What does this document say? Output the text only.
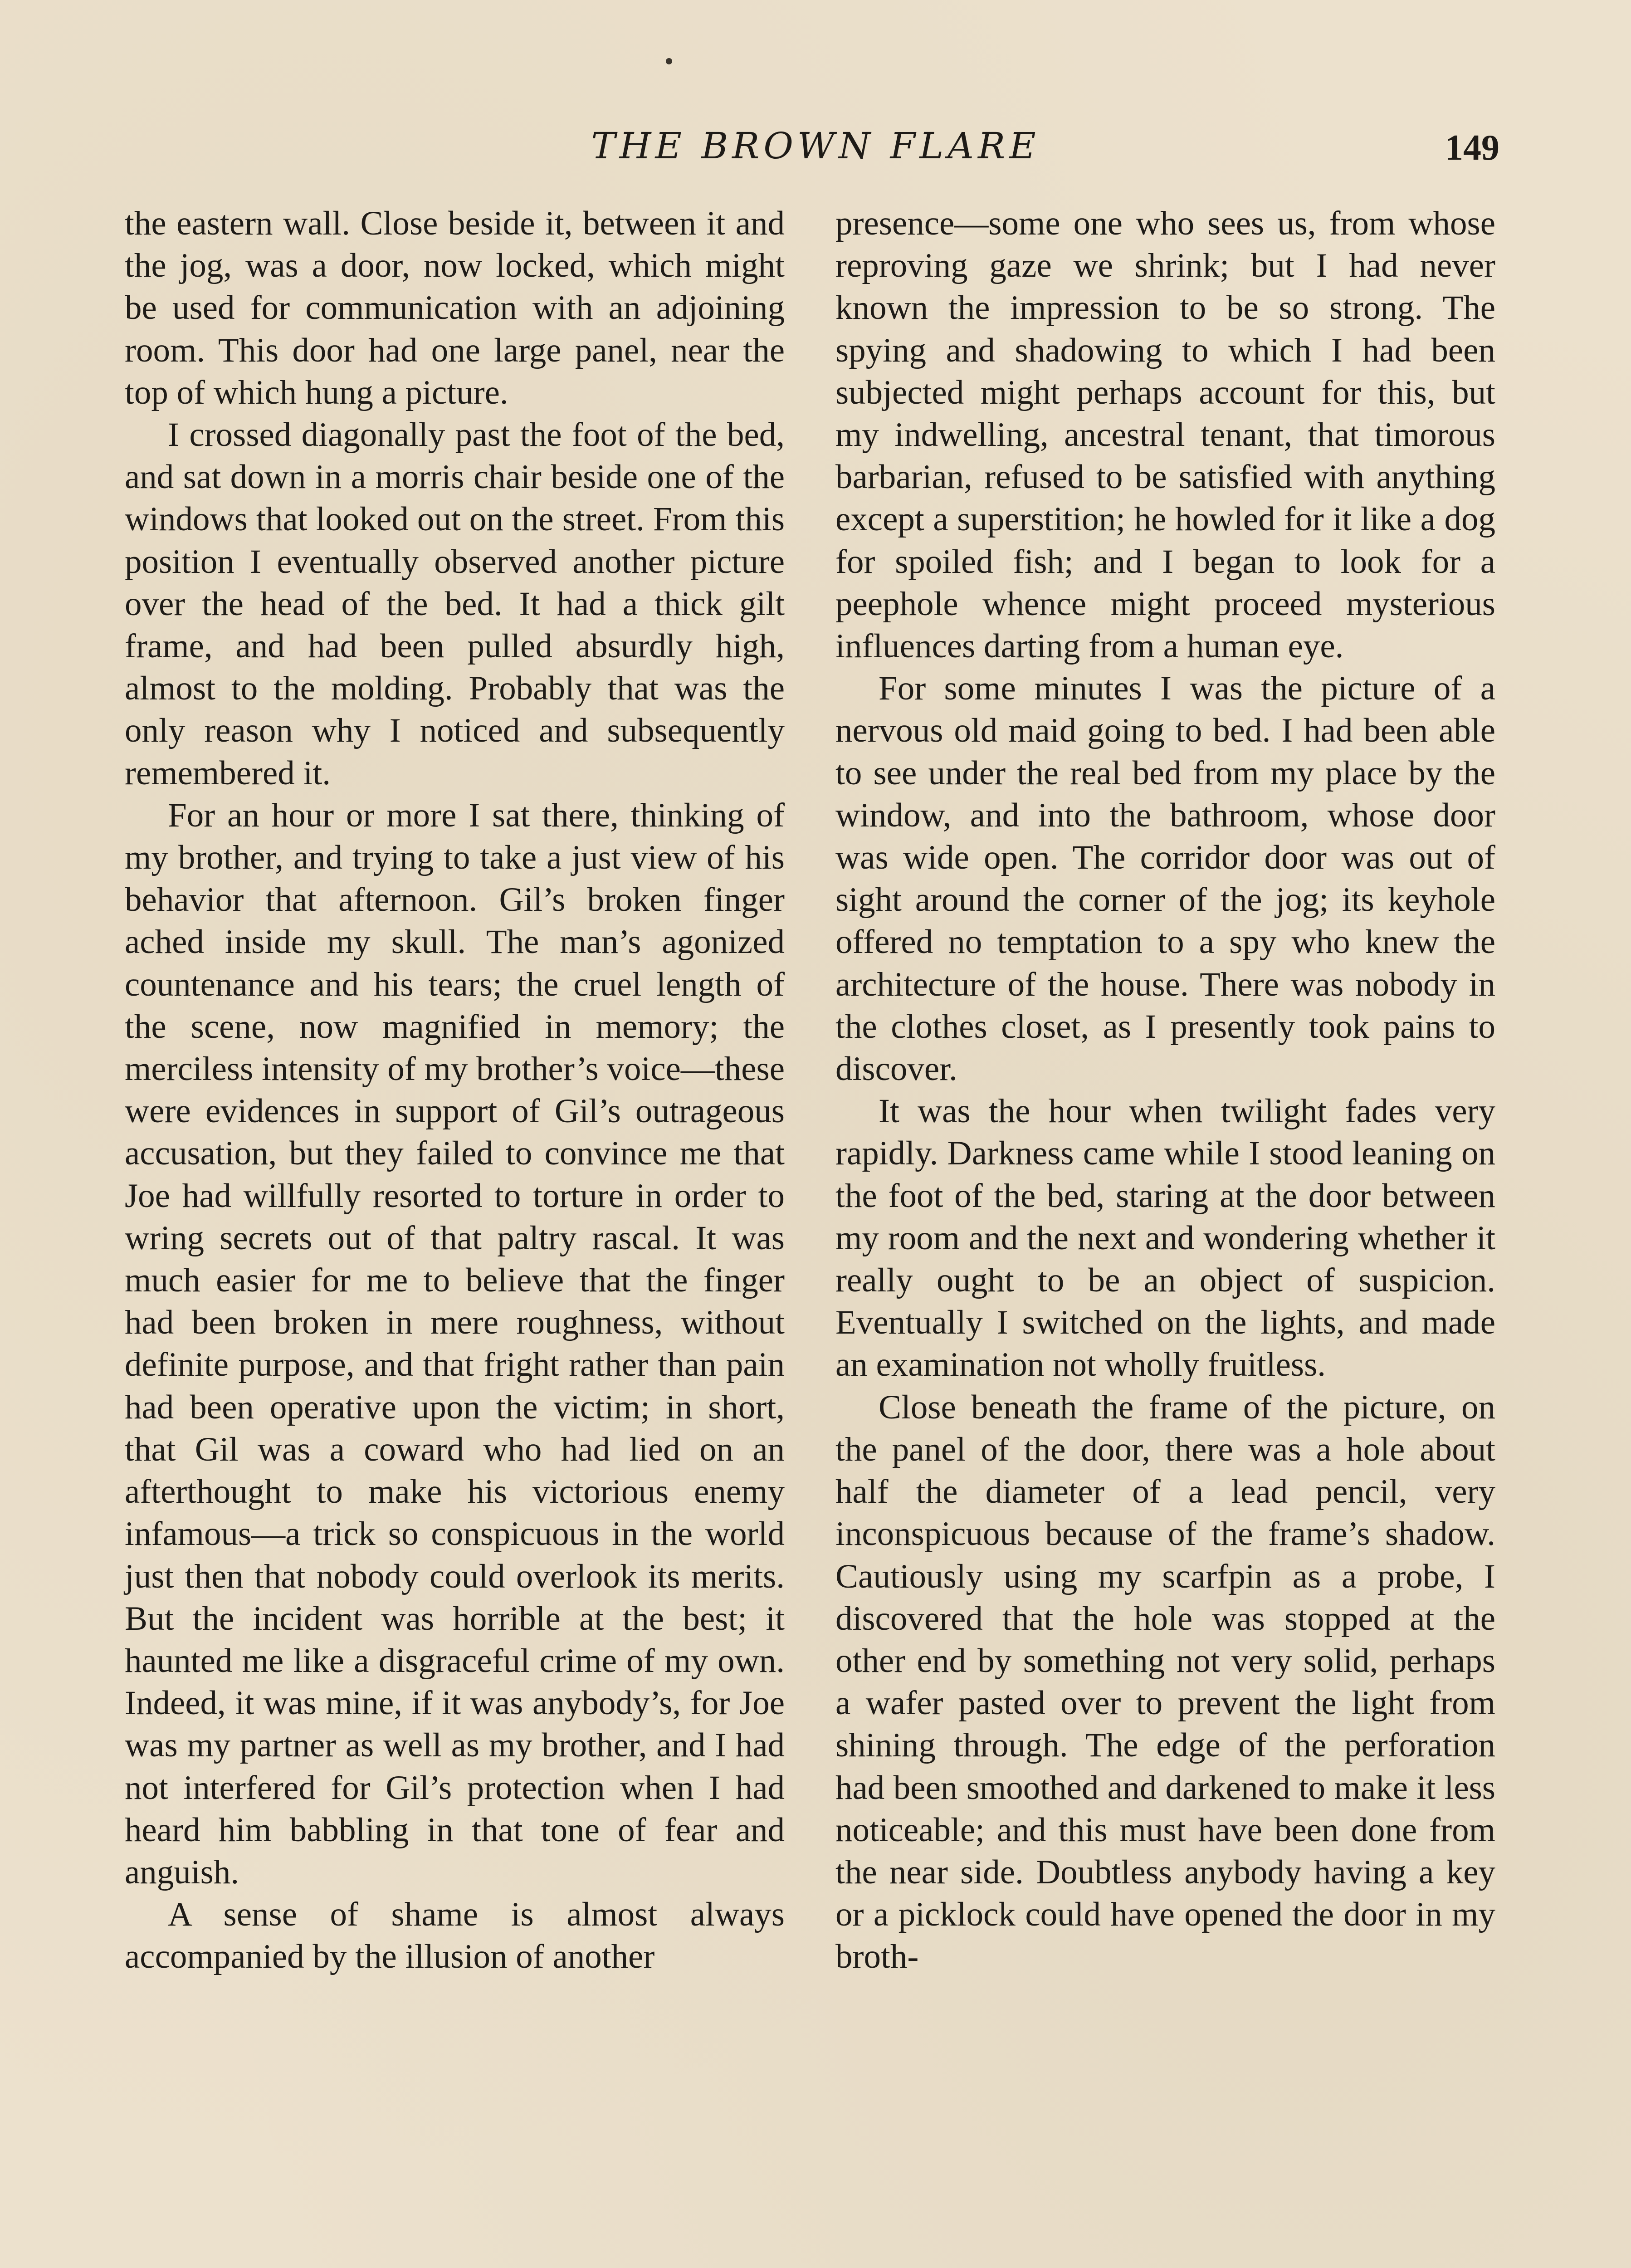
THE BROWN FLARE	149

the eastern wall. Close beside it, between it and the jog, was a door, now locked, which might be used for communication with an adjoining room. This door had one large panel, near the top of which hung a picture.

I crossed diagonally past the foot of the bed, and sat down in a morris chair beside one of the windows that looked out on the street. From this position I eventually observed another picture over the head of the bed. It had a thick gilt frame, and had been pulled absurdly high, almost to the molding. Probably that was the only reason why I noticed and subsequently remembered it.

For an hour or more I sat there, thinking of my brother, and trying to take a just view of his behavior that afternoon. Gil’s broken finger ached inside my skull. The man’s agonized countenance and his tears; the cruel length of the scene, now magnified in memory; the merciless intensity of my brother’s voice—these were evidences in support of Gil’s outrageous accusation, but they failed to convince me that Joe had willfully resorted to torture in order to wring secrets out of that paltry rascal. It was much easier for me to believe that the finger had been broken in mere roughness, without definite purpose, and that fright rather than pain had been operative upon the victim; in short, that Gil was a coward who had lied on an afterthought to make his victorious enemy infamous—a trick so conspicuous in the world just then that nobody could overlook its merits. But the incident was horrible at the best; it haunted me like a disgraceful crime of my own. Indeed, it was mine, if it was anybody’s, for Joe was my partner as well as my brother, and I had not interfered for Gil’s protection when I had heard him babbling in that tone of fear and anguish.

A sense of shame is almost always accompanied by the illusion of another

presence—some one who sees us, from whose reproving gaze we shrink; but I had never known the impression to be so strong. The spying and shadowing to which I had been subjected might perhaps account for this, but my indwelling, ancestral tenant, that timorous barbarian, refused to be satisfied with anything except a superstition; he howled for it like a dog for spoiled fish; and I began to look for a peephole whence might proceed mysterious influences darting from a human eye.

For some minutes I was the picture of a nervous old maid going to bed. I had been able to see under the real bed from my place by the window, and into the bathroom, whose door was wide open. The corridor door was out of sight around the corner of the jog; its keyhole offered no temptation to a spy who knew the architecture of the house. There was nobody in the clothes closet, as I presently took pains to discover.

It was the hour when twilight fades very rapidly. Darkness came while I stood leaning on the foot of the bed, staring at the door between my room and the next and wondering whether it really ought to be an object of suspicion. Eventually I switched on the lights, and made an examination not wholly fruitless.

Close beneath the frame of the picture, on the panel of the door, there was a hole about half the diameter of a lead pencil, very inconspicuous because of the frame’s shadow. Cautiously using my scarfpin as a probe, I discovered that the hole was stopped at the other end by something not very solid, perhaps a wafer pasted over to prevent the light from shining through. The edge of the perforation had been smoothed and darkened to make it less noticeable; and this must have been done from the near side. Doubtless anybody having a key or a picklock could have opened the door in my broth-
